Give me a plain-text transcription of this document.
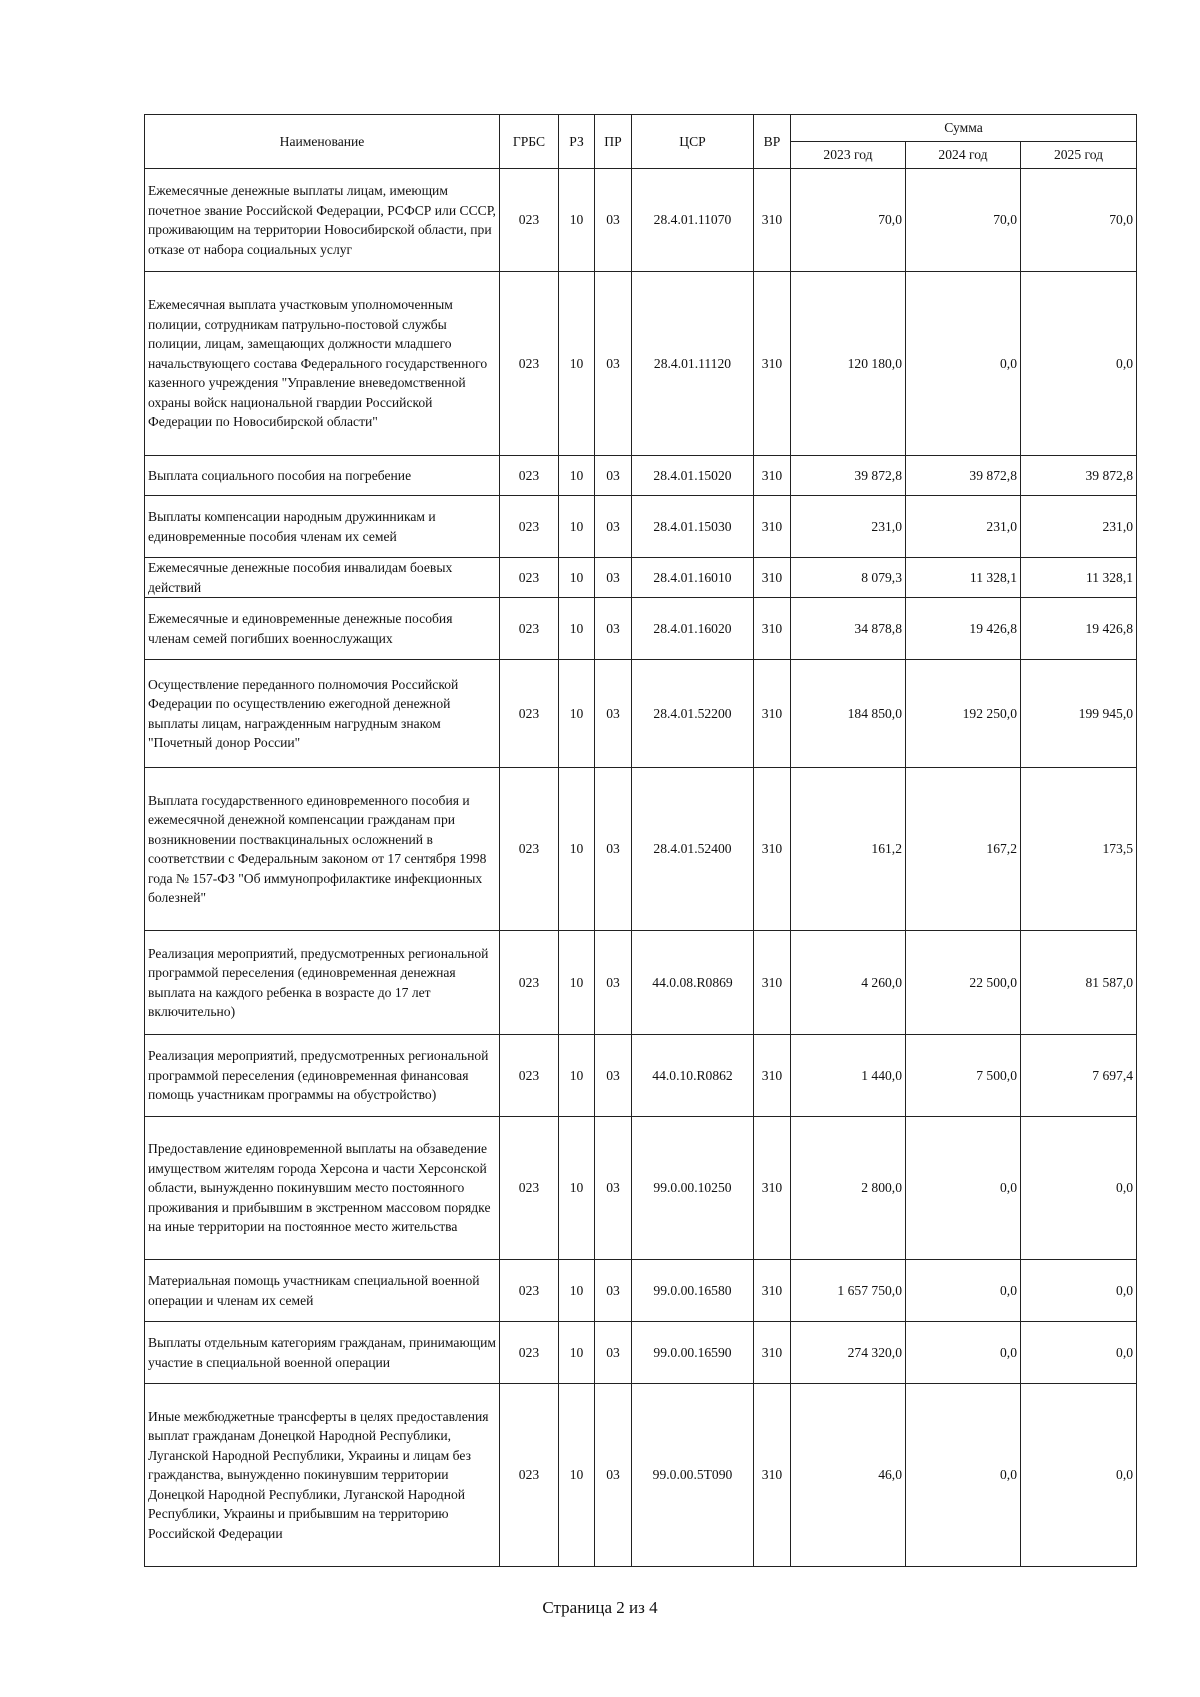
Наименование	ГРБС	РЗ	ПР	ЦСР	ВР	Сумма		
						2023 год	2024 год	2025 год
Ежемесячные денежные выплаты лицам, имеющим почетное звание Российской Федерации, РСФСР или СССР, проживающим на территории Новосибирской области, при отказе от набора социальных услуг	023	10	03	28.4.01.11070	310	70,0	70,0	70,0
Ежемесячная выплата участковым уполномоченным полиции, сотрудникам патрульно-постовой службы полиции, лицам, замещающих должности младшего начальствующего состава Федерального государственного казенного учреждения "Управление вневедомственной охраны войск национальной гвардии Российской Федерации по Новосибирской области"	023	10	03	28.4.01.11120	310	120 180,0	0,0	0,0
Выплата социального пособия на погребение	023	10	03	28.4.01.15020	310	39 872,8	39 872,8	39 872,8
Выплаты компенсации народным дружинникам и единовременные пособия членам их семей	023	10	03	28.4.01.15030	310	231,0	231,0	231,0
Ежемесячные денежные пособия инвалидам боевых действий	023	10	03	28.4.01.16010	310	8 079,3	11 328,1	11 328,1
Ежемесячные и единовременные денежные пособия членам семей погибших военнослужащих	023	10	03	28.4.01.16020	310	34 878,8	19 426,8	19 426,8
Осуществление переданного полномочия Российской Федерации по осуществлению ежегодной денежной выплаты лицам, награжденным нагрудным знаком "Почетный донор России"	023	10	03	28.4.01.52200	310	184 850,0	192 250,0	199 945,0
Выплата государственного единовременного пособия и ежемесячной денежной компенсации гражданам при возникновении поствакцинальных осложнений в соответствии с Федеральным законом от 17 сентября 1998 года № 157-ФЗ "Об иммунопрофилактике инфекционных болезней"	023	10	03	28.4.01.52400	310	161,2	167,2	173,5
Реализация мероприятий, предусмотренных региональной программой переселения (единовременная денежная выплата на каждого ребенка в возрасте до 17 лет включительно)	023	10	03	44.0.08.R0869	310	4 260,0	22 500,0	81 587,0
Реализация мероприятий, предусмотренных региональной программой переселения (единовременная финансовая помощь участникам программы на обустройство)	023	10	03	44.0.10.R0862	310	1 440,0	7 500,0	7 697,4
Предоставление единовременной выплаты на обзаведение имуществом жителям города Херсона и части Херсонской области, вынужденно покинувшим место постоянного проживания и прибывшим в экстренном массовом порядке на иные территории на постоянное место жительства	023	10	03	99.0.00.10250	310	2 800,0	0,0	0,0
Материальная помощь участникам специальной военной операции и членам их семей	023	10	03	99.0.00.16580	310	1 657 750,0	0,0	0,0
Выплаты отдельным категориям гражданам, принимающим участие в специальной военной операции	023	10	03	99.0.00.16590	310	274 320,0	0,0	0,0
Иные межбюджетные трансферты в целях предоставления выплат гражданам Донецкой Народной Республики, Луганской Народной Республики, Украины и лицам без гражданства, вынужденно покинувшим территории Донецкой Народной Республики, Луганской Народной Республики, Украины и прибывшим на территорию Российской Федерации	023	10	03	99.0.00.5Т090	310	46,0	0,0	0,0
Страница 2 из 4
